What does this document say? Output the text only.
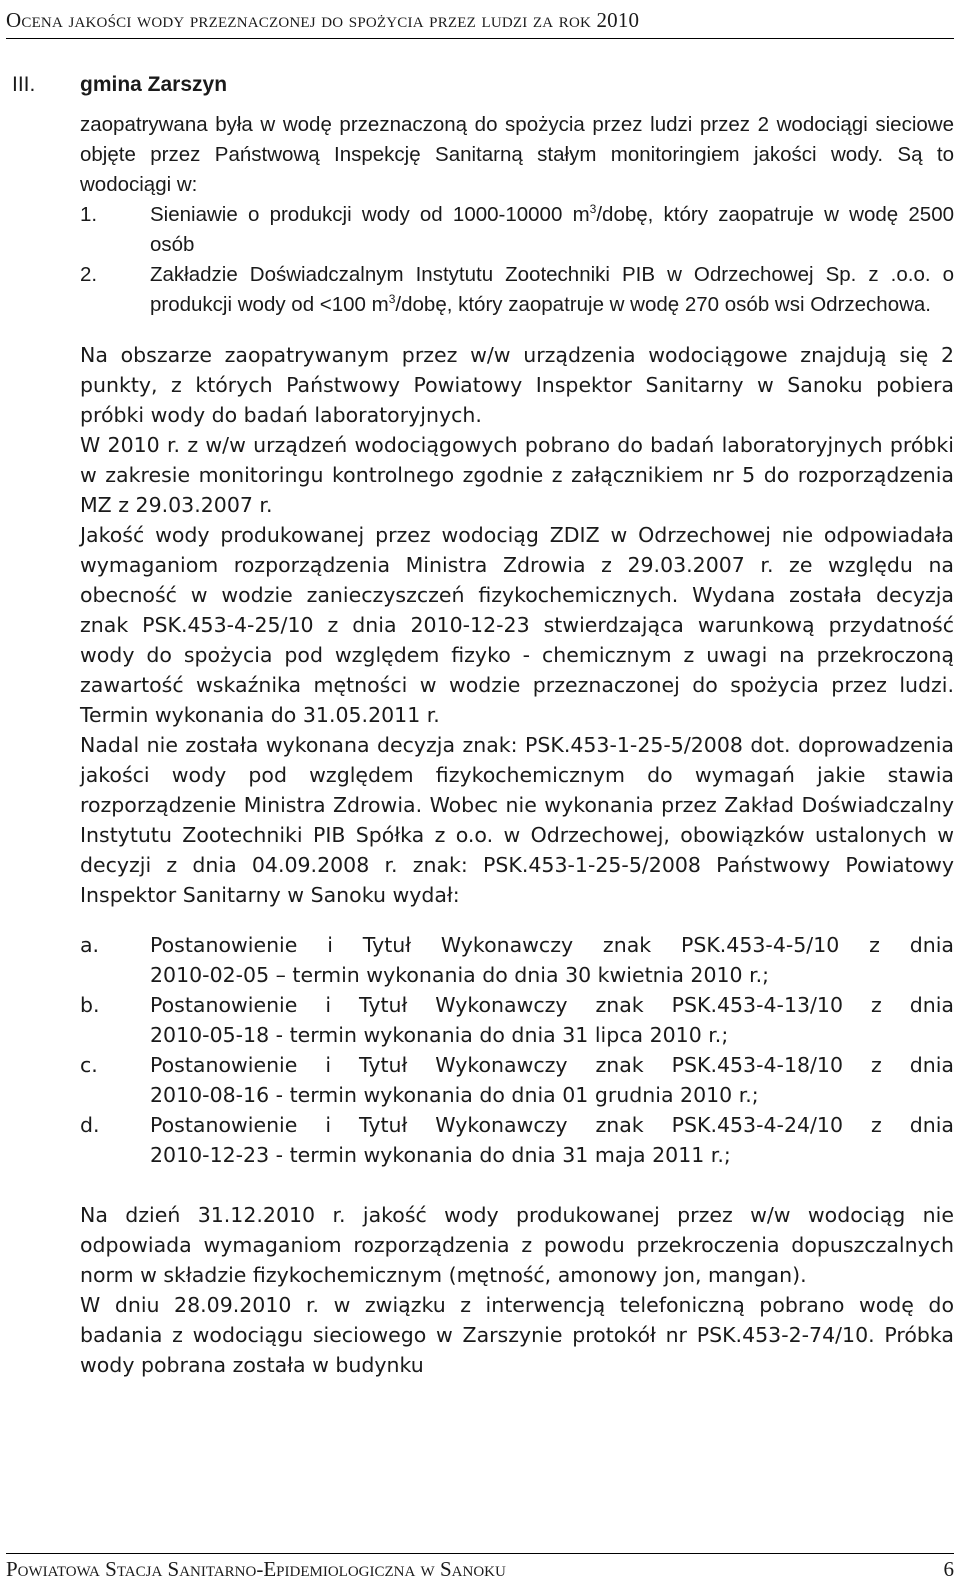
Ocena jakości wody przeznaczonej do spożycia przez ludzi za rok 2010
III. gmina Zarszyn

zaopatrywana była w wodę przeznaczoną do spożycia przez ludzi przez 2 wodociągi sieciowe objęte przez Państwową Inspekcję Sanitarną stałym monitoringiem jakości wody. Są to wodociągi w:

1.	Sieniawie o produkcji wody od 1000-10000 $m^3$/dobę, który zaopatruje w wodę 2500 osób
2.	Zakładzie Doświadczalnym Instytutu Zootechniki PIB w Odrzechowej Sp. z .o.o. o produkcji wody od <100 $m^3$/dobę, który zaopatruje w wodę 270 osób wsi Odrzechowa.

Na obszarze zaopatrywanym przez w/w urządzenia wodociągowe znajdują się 2 punkty, z których Państwowy Powiatowy Inspektor Sanitarny w Sanoku pobiera próbki wody do badań laboratoryjnych.

W 2010 r. z w/w urządzeń wodociągowych pobrano do badań laboratoryjnych próbki w zakresie monitoringu kontrolnego zgodnie z załącznikiem nr 5 do rozporządzenia MZ z 29.03.2007 r.

Jakość wody produkowanej przez wodociąg ZDIZ w Odrzechowej nie odpowiadała wymaganiom rozporządzenia Ministra Zdrowia z 29.03.2007 r. ze względu na obecność w wodzie zanieczyszczeń fizykochemicznych. Wydana została decyzja znak PSK.453-4-25/10 z dnia 2010-12-23 stwierdzająca warunkową przydatność wody do spożycia pod względem fizyko - chemicznym z uwagi na przekroczoną zawartość wskaźnika mętności w wodzie przeznaczonej do spożycia przez ludzi. Termin wykonania do 31.05.2011 r.

Nadal nie została wykonana decyzja znak: PSK.453-1-25-5/2008 dot. doprowadzenia jakości wody pod względem fizykochemicznym do wymagań jakie stawia rozporządzenie Ministra Zdrowia. Wobec nie wykonania przez Zakład Doświadczalny Instytutu Zootechniki PIB Spółka z o.o. w Odrzechowej, obowiązków ustalonych w decyzji z dnia 04.09.2008 r. znak: PSK.453-1-25-5/2008 Państwowy Powiatowy Inspektor Sanitarny w Sanoku wydał:

a.	Postanowienie i Tytuł Wykonawczy znak PSK.453-4-5/10 z dnia
2010-02-05 – termin wykonania do dnia 30 kwietnia 2010 r.;
b.	Postanowienie i Tytuł Wykonawczy znak PSK.453-4-13/10 z dnia
2010-05-18 - termin wykonania do dnia 31 lipca 2010 r.;
c.	Postanowienie i Tytuł Wykonawczy znak PSK.453-4-18/10 z dnia
2010-08-16 - termin wykonania do dnia 01 grudnia 2010 r.;
d.	Postanowienie i Tytuł Wykonawczy znak PSK.453-4-24/10 z dnia
2010-12-23 - termin wykonania do dnia 31 maja 2011 r.;

Na dzień 31.12.2010 r. jakość wody produkowanej przez w/w wodociąg nie odpowiada wymaganiom rozporządzenia z powodu przekroczenia dopuszczalnych norm w składzie fizykochemicznym (mętność, amonowy jon, mangan).

W dniu 28.09.2010 r. w związku z interwencją telefoniczną pobrano wodę do badania z wodociągu sieciowego w Zarszynie protokół nr PSK.453-2-74/10. Próbka wody pobrana została w budynku

Powiatowa Stacja Sanitarno-Epidemiologiczna w Sanoku	6
